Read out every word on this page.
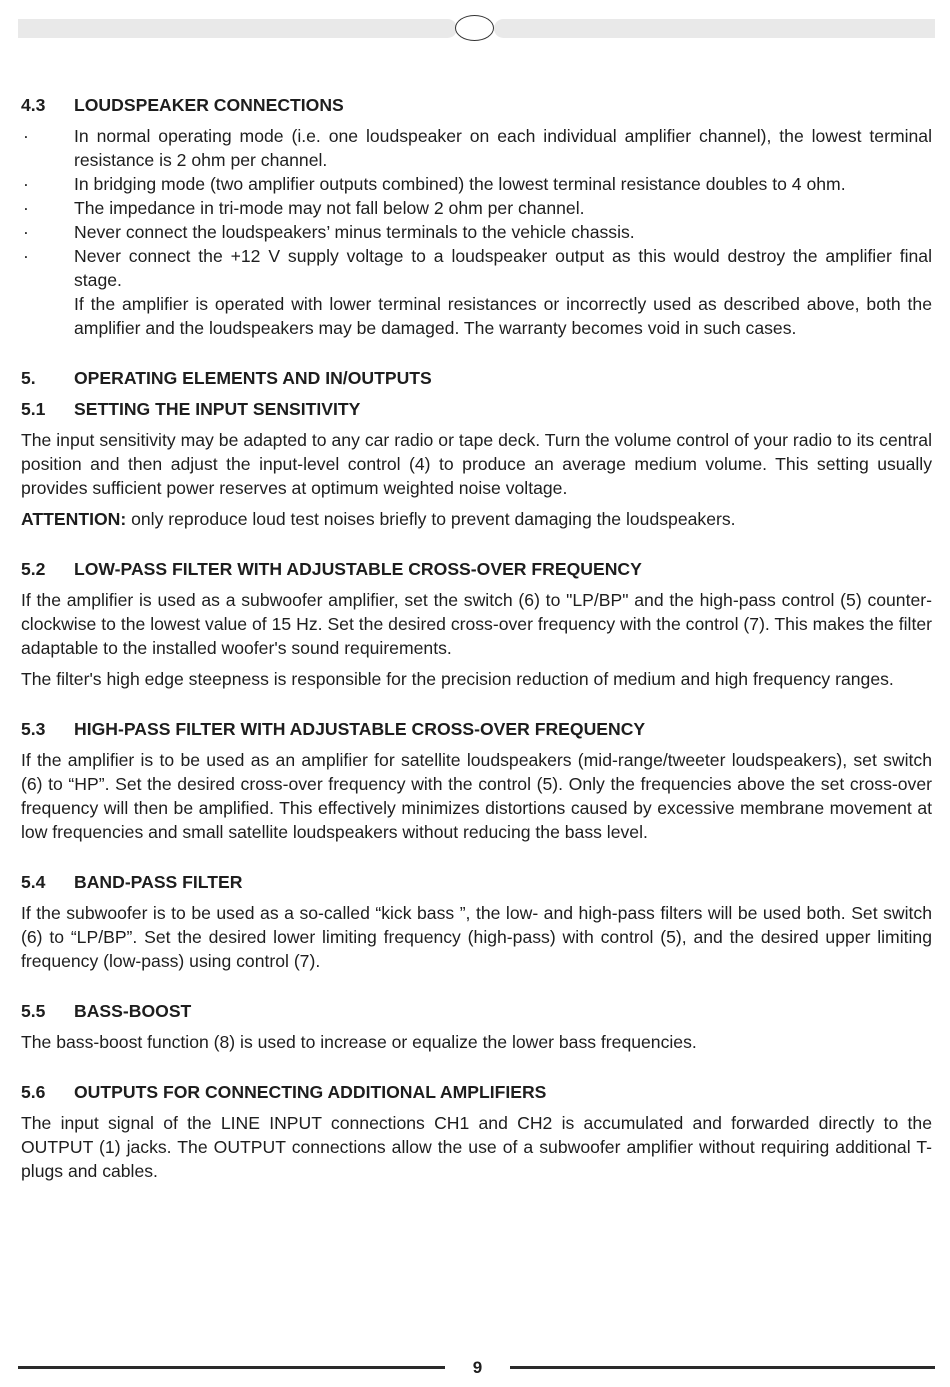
4.3	LOUDSPEAKER CONNECTIONS
·	In normal operating mode (i.e. one loudspeaker on each individual amplifier channel), the lowest terminal resistance is 2 ohm per channel.
·	In bridging mode (two amplifier outputs combined) the lowest terminal resistance doubles to 4 ohm.
·	The impedance in tri-mode may not fall below 2 ohm per channel.
·	Never connect the loudspeakers’ minus terminals to the vehicle chassis.
·	Never connect the +12 V supply voltage to a loudspeaker output as this would destroy the amplifier final stage.

If the amplifier is operated with lower terminal resistances or incorrectly used as described above, both the amplifier and the loudspeakers may be damaged. The warranty becomes void in such cases.

5.	OPERATING ELEMENTS AND IN/OUTPUTS
5.1	SETTING THE INPUT SENSITIVITY

The input sensitivity may be adapted to any car radio or tape deck. Turn the volume control of your radio to its central position and then adjust the input-level control (4) to produce an average medium volume. This setting usually provides sufficient power reserves at optimum weighted noise voltage.

ATTENTION: only reproduce loud test noises briefly to prevent damaging the loudspeakers.

5.2	LOW-PASS FILTER WITH ADJUSTABLE CROSS-OVER FREQUENCY

If the amplifier is used as a subwoofer amplifier, set the switch (6) to "LP/BP" and the high-pass control (5) counter-clockwise to the lowest value of 15 Hz. Set the desired cross-over frequency with the control (7). This makes the filter adaptable to the installed woofer's sound requirements.

The filter's high edge steepness is responsible for the precision reduction of medium and high frequency ranges.

5.3	HIGH-PASS FILTER WITH ADJUSTABLE CROSS-OVER FREQUENCY

If the amplifier is to be used as an amplifier for satellite loudspeakers (mid-range/tweeter loudspeakers), set switch (6) to “HP”. Set the desired cross-over frequency with the control (5). Only the frequencies above the set cross-over frequency will then be amplified. This effectively minimizes distortions caused by excessive membrane movement at low frequencies and small satellite loudspeakers without reducing the bass level.

5.4	BAND-PASS FILTER

If the subwoofer is to be used as a so-called “kick bass ”, the low- and high-pass filters will be used both. Set switch (6) to “LP/BP”. Set the desired lower limiting frequency (high-pass) with control (5), and the desired upper limiting frequency (low-pass) using control (7).

5.5	BASS-BOOST

The bass-boost function (8) is used to increase or equalize the lower bass frequencies.

5.6	OUTPUTS FOR CONNECTING ADDITIONAL AMPLIFIERS

The input signal of the LINE INPUT connections CH1 and CH2 is accumulated and forwarded directly to the OUTPUT (1) jacks. The OUTPUT connections allow the use of a subwoofer amplifier without requiring additional T-plugs and cables.

9
